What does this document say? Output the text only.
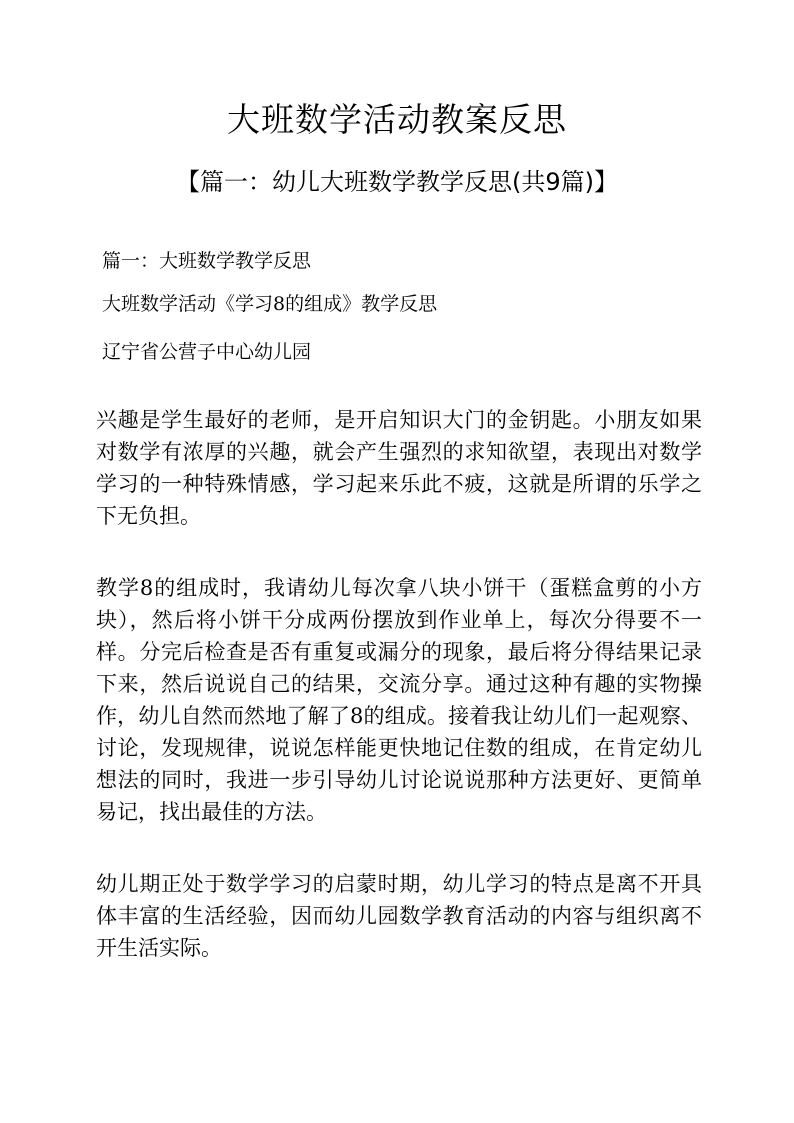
大班数学活动教案反思
【篇一：幼儿大班数学教学反思(共9篇)】
篇一：大班数学教学反思
大班数学活动《学习8的组成》教学反思
辽宁省公营子中心幼儿园

兴趣是学生最好的老师，是开启知识大门的金钥匙。小朋友如果对数学有浓厚的兴趣，就会产生强烈的求知欲望，表现出对数学学习的一种特殊情感，学习起来乐此不疲，这就是所谓的乐学之下无负担。

教学8的组成时，我请幼儿每次拿八块小饼干（蛋糕盒剪的小方块），然后将小饼干分成两份摆放到作业单上，每次分得要不一样。分完后检查是否有重复或漏分的现象，最后将分得结果记录下来，然后说说自己的结果，交流分享。通过这种有趣的实物操作，幼儿自然而然地了解了8的组成。接着我让幼儿们一起观察、讨论，发现规律，说说怎样能更快地记住数的组成，在肯定幼儿想法的同时，我进一步引导幼儿讨论说说那种方法更好、更简单易记，找出最佳的方法。

幼儿期正处于数学学习的启蒙时期，幼儿学习的特点是离不开具体丰富的生活经验，因而幼儿园数学教育活动的内容与组织离不开生活实际。
